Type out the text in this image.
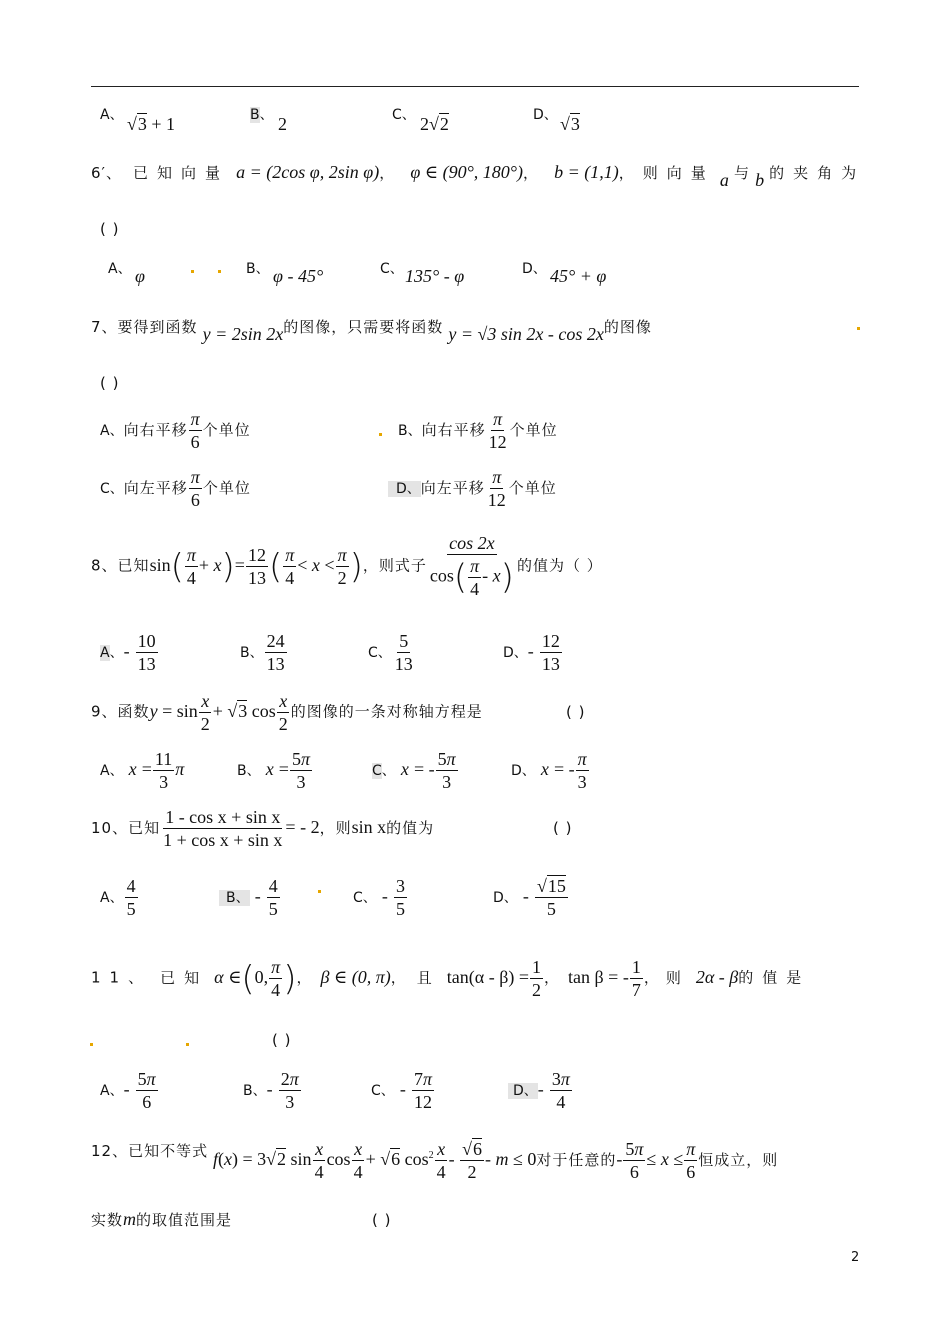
A、 √3 + 1	B、 2	C、 2√2	D、 √3
6′、 已知向量 a = (2cos φ, 2sin φ)， φ ∈ (90°, 180°)， b = (1,1)，则向量 a 与 b 的夹角为
( )
A、 φ	B、 φ - 45°	C、 135° - φ	D、 45° + φ
7、要得到函数 y = 2sin 2x的图像，只需要将函数 y = √3 sin 2x - cos 2x的图像
( )
A、向右平移 $\frac{\pi}{6}$ 个单位	B、向右平移 $\frac{\pi}{12}$ 个单位
C、向左平移 $\frac{\pi}{6}$ 个单位	D、向左平移 $\frac{\pi}{12}$ 个单位
8、已知$\sin( \frac{\pi}{4} + x)= \frac{12}{13}$ ( $\frac{\pi}{4} < x < \frac{\pi}{2}$ )，则式子 $\frac{\cos 2x}{\cos( \frac{\pi}{4} - x)}$ 的值为（ ）
A、- $\frac{10}{13}$	B、 $\frac{24}{13}$	C、 $\frac{5}{13}$	D、- $\frac{12}{13}$
9、函数$y = \sin \frac{x}{2} + √3$ $\cos \frac{x}{2}$ 的图像的一条对称轴方程是	( )
A、 $x = \frac{11}{3}$ π	B、 $x = \frac{5\pi}{3}$	C、 x = - $\frac{5\pi}{3}$	D、 x = - $\frac{\pi}{3}$
10、已知 $\frac{\text{1 - cos x + sin x}}{\text{1 + cos x + sin x}}$ = - 2，则sin x的值为	( )
A、 $\frac{4}{5}$	B、 - $\frac{4}{5}$	C、 - $\frac{3}{5}$	D、 - $\frac{√15}{5}$
11、 已知 α ∈(0, $\frac{\pi}{4}$ )， β ∈ (0, π)， 且 $\tan(\alpha - \beta) = \frac{1}{2}$ ， tan β = - $\frac{1}{7}$ ， 则 2α - β的值是
( )
A、- $\frac{5\pi}{6}$	B、- $\frac{2\pi}{3}$	C、 - $\frac{7\pi}{12}$	D、- $\frac{3\pi}{4}$
12、已知不等式 f(x) = 3√2 $\sin \frac{x}{4}$ $\cos \frac{x}{4} + √6$ $\cos^2 \frac{x}{4} - \frac{√6}{2} - m \le 0$对于任意的- $\frac{5\pi}{6} \le x \le \frac{\pi}{6}$ 恒成立，则
实数m的取值范围是	( )
2
